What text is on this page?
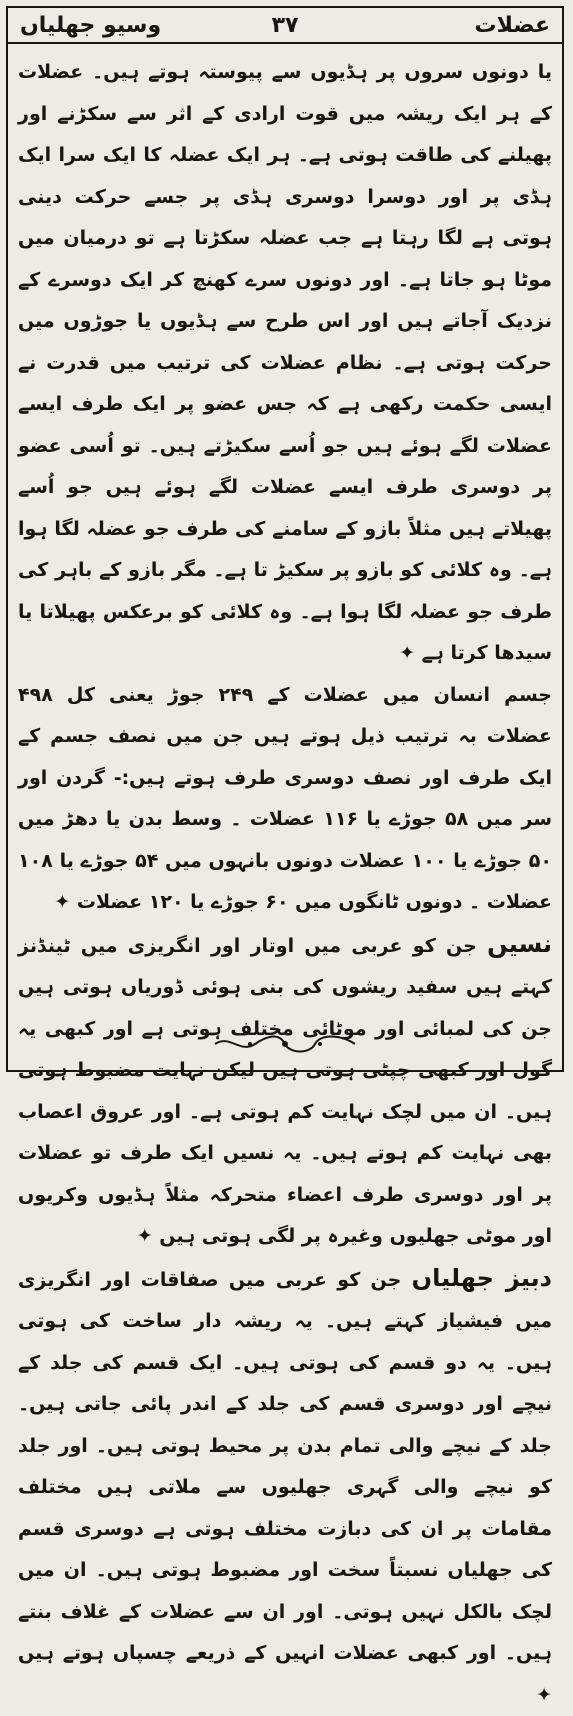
عضلات
۳۷
وسیو جھلیاں

یا دونوں سروں پر ہڈیوں سے پیوستہ ہوتے ہیں۔ عضلات کے ہر ایک ریشہ میں قوت ارادی کے اثر سے سکڑنے اور پھیلنے کی طاقت ہوتی ہے۔ ہر ایک عضلہ کا ایک سرا ایک ہڈی پر اور دوسرا دوسری ہڈی پر جسے حرکت دینی ہوتی ہے لگا رہتا ہے جب عضلہ سکڑتا ہے تو درمیان میں موٹا ہو جاتا ہے۔ اور دونوں سرے کھنچ کر ایک دوسرے کے نزدیک آجاتے ہیں اور اس طرح سے ہڈیوں یا جوڑوں میں حرکت ہوتی ہے۔ نظام عضلات کی ترتیب میں قدرت نے ایسی حکمت رکھی ہے کہ جس عضو پر ایک طرف ایسے عضلات لگے ہوئے ہیں جو اُسے سکیڑتے ہیں۔ تو اُسی عضو پر دوسری طرف ایسے عضلات لگے ہوئے ہیں جو اُسے پھیلاتے ہیں مثلاً بازو کے سامنے کی طرف جو عضلہ لگا ہوا ہے۔ وہ کلائی کو بازو پر سکیڑ تا ہے۔ مگر بازو کے باہر کی طرف جو عضلہ لگا ہوا ہے۔ وہ کلائی کو برعکس پھیلاتا یا سیدھا کرتا ہے ✦

جسم انسان میں عضلات کے ۲۴۹ جوڑ یعنی کل ۴۹۸ عضلات بہ ترتیب ذیل ہوتے ہیں جن میں نصف جسم کے ایک طرف اور نصف دوسری طرف ہوتے ہیں:- گردن اور سر میں ۵۸ جوڑے یا ۱۱۶ عضلات ۔ وسط بدن یا دھڑ میں ۵۰ جوڑے یا ۱۰۰ عضلات دونوں بانہوں میں ۵۴ جوڑے یا ۱۰۸ عضلات ۔ دونوں ٹانگوں میں ۶۰ جوڑے یا ۱۲۰ عضلات ✦

نسیں جن کو عربی میں اوتار اور انگریزی میں ٹینڈنز کہتے ہیں سفید ریشوں کی بنی ہوئی ڈوریاں ہوتی ہیں جن کی لمبائی اور موٹائی مختلف ہوتی ہے اور کبھی یہ گول اور کبھی چپٹی ہوتی ہیں لیکن نہایت مضبوط ہوتی ہیں۔ ان میں لچک نہایت کم ہوتی ہے۔ اور عروق اعصاب بھی نہایت کم ہوتے ہیں۔ یہ نسیں ایک طرف تو عضلات پر اور دوسری طرف اعضاء متحرکہ مثلاً ہڈیوں وکریوں اور موٹی جھلیوں وغیرہ پر لگی ہوتی ہیں ✦

دبیز جھلیاں جن کو عربی میں صفاقات اور انگریزی میں فیشیاز کہتے ہیں۔ یہ ریشہ دار ساخت کی ہوتی ہیں۔ یہ دو قسم کی ہوتی ہیں۔ ایک قسم کی جلد کے نیچے اور دوسری قسم کی جلد کے اندر پائی جاتی ہیں۔ جلد کے نیچے والی تمام بدن پر محیط ہوتی ہیں۔ اور جلد کو نیچے والی گہری جھلیوں سے ملاتی ہیں مختلف مقامات پر ان کی دبازت مختلف ہوتی ہے دوسری قسم کی جھلیاں نسبتاً سخت اور مضبوط ہوتی ہیں۔ ان میں لچک بالکل نہیں ہوتی۔ اور ان سے عضلات کے غلاف بنتے ہیں۔ اور کبھی عضلات انہیں کے ذریعے چسپاں ہوتے ہیں ✦
